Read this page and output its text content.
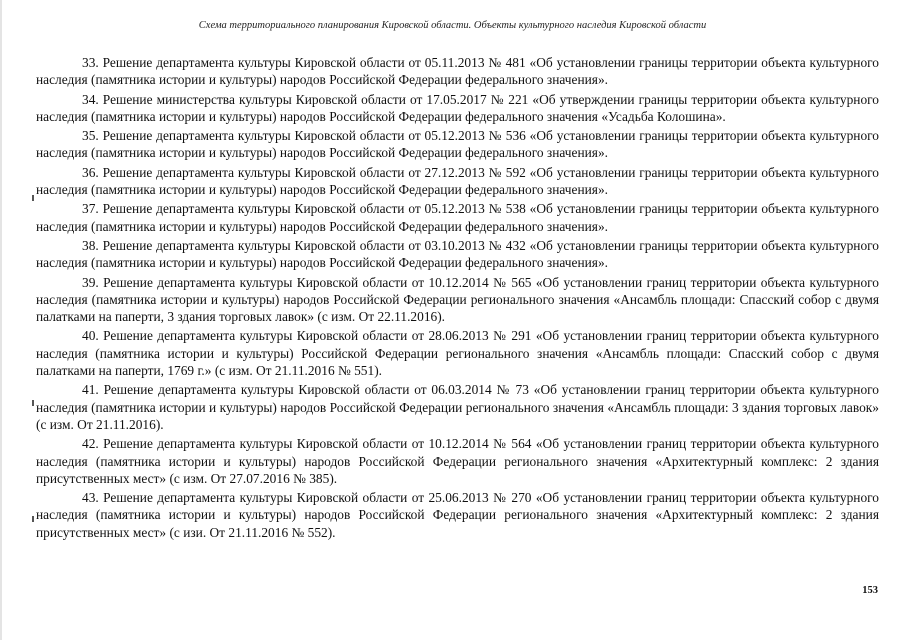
Схема территориального планирования Кировской области. Объекты культурного наследия Кировской области

33. Решение департамента культуры Кировской области от 05.11.2013 № 481 «Об установлении границы территории объекта культурного наследия (памятника истории и культуры) народов Российской Федерации федерального значения».

34. Решение министерства культуры Кировской области от 17.05.2017 № 221 «Об утверждении границы территории объекта культурного наследия (памятника истории и культуры) народов Российской Федерации федерального значения «Усадьба Колошина».

35. Решение департамента культуры Кировской области от 05.12.2013 № 536 «Об установлении границы территории объекта культурного наследия (памятника истории и культуры) народов Российской Федерации федерального значения».

36. Решение департамента культуры Кировской области от 27.12.2013 № 592 «Об установлении границы территории объекта культурного наследия (памятника истории и культуры) народов Российской Федерации федерального значения».

37. Решение департамента культуры Кировской области от 05.12.2013 № 538 «Об установлении границы территории объекта культурного наследия (памятника истории и культуры) народов Российской Федерации федерального значения».

38. Решение департамента культуры Кировской области от 03.10.2013 № 432 «Об установлении границы территории объекта культурного наследия (памятника истории и культуры) народов Российской Федерации федерального значения».

39. Решение департамента культуры Кировской области от 10.12.2014 № 565 «Об установлении границ территории объекта культурного наследия (памятника истории и культуры) народов Российской Федерации регионального значения «Ансамбль площади: Спасский собор с двумя палатками на паперти, 3 здания торговых лавок» (с изм. От 22.11.2016).

40. Решение департамента культуры Кировской области от 28.06.2013 № 291 «Об установлении границ территории объекта культурного наследия (памятника истории и культуры) Российской Федерации регионального значения «Ансамбль площади: Спасский собор с двумя палатками на паперти, 1769 г.» (с изм. От 21.11.2016 № 551).

41. Решение департамента культуры Кировской области от 06.03.2014 № 73 «Об установлении границ территории объекта культурного наследия (памятника истории и культуры) народов Российской Федерации регионального значения «Ансамбль площади: 3 здания торговых лавок» (с изм. От 21.11.2016).

42. Решение департамента культуры Кировской области от 10.12.2014 № 564 «Об установлении границ территории объекта культурного наследия (памятника истории и культуры) народов Российской Федерации регионального значения «Архитектурный комплекс: 2 здания присутственных мест» (с изм. От 27.07.2016 № 385).

43. Решение департамента культуры Кировской области от 25.06.2013 № 270 «Об установлении границ территории объекта культурного наследия (памятника истории и культуры) народов Российской Федерации регионального значения «Архитектурный комплекс: 2 здания присутственных мест» (с изи. От 21.11.2016 № 552).

153
